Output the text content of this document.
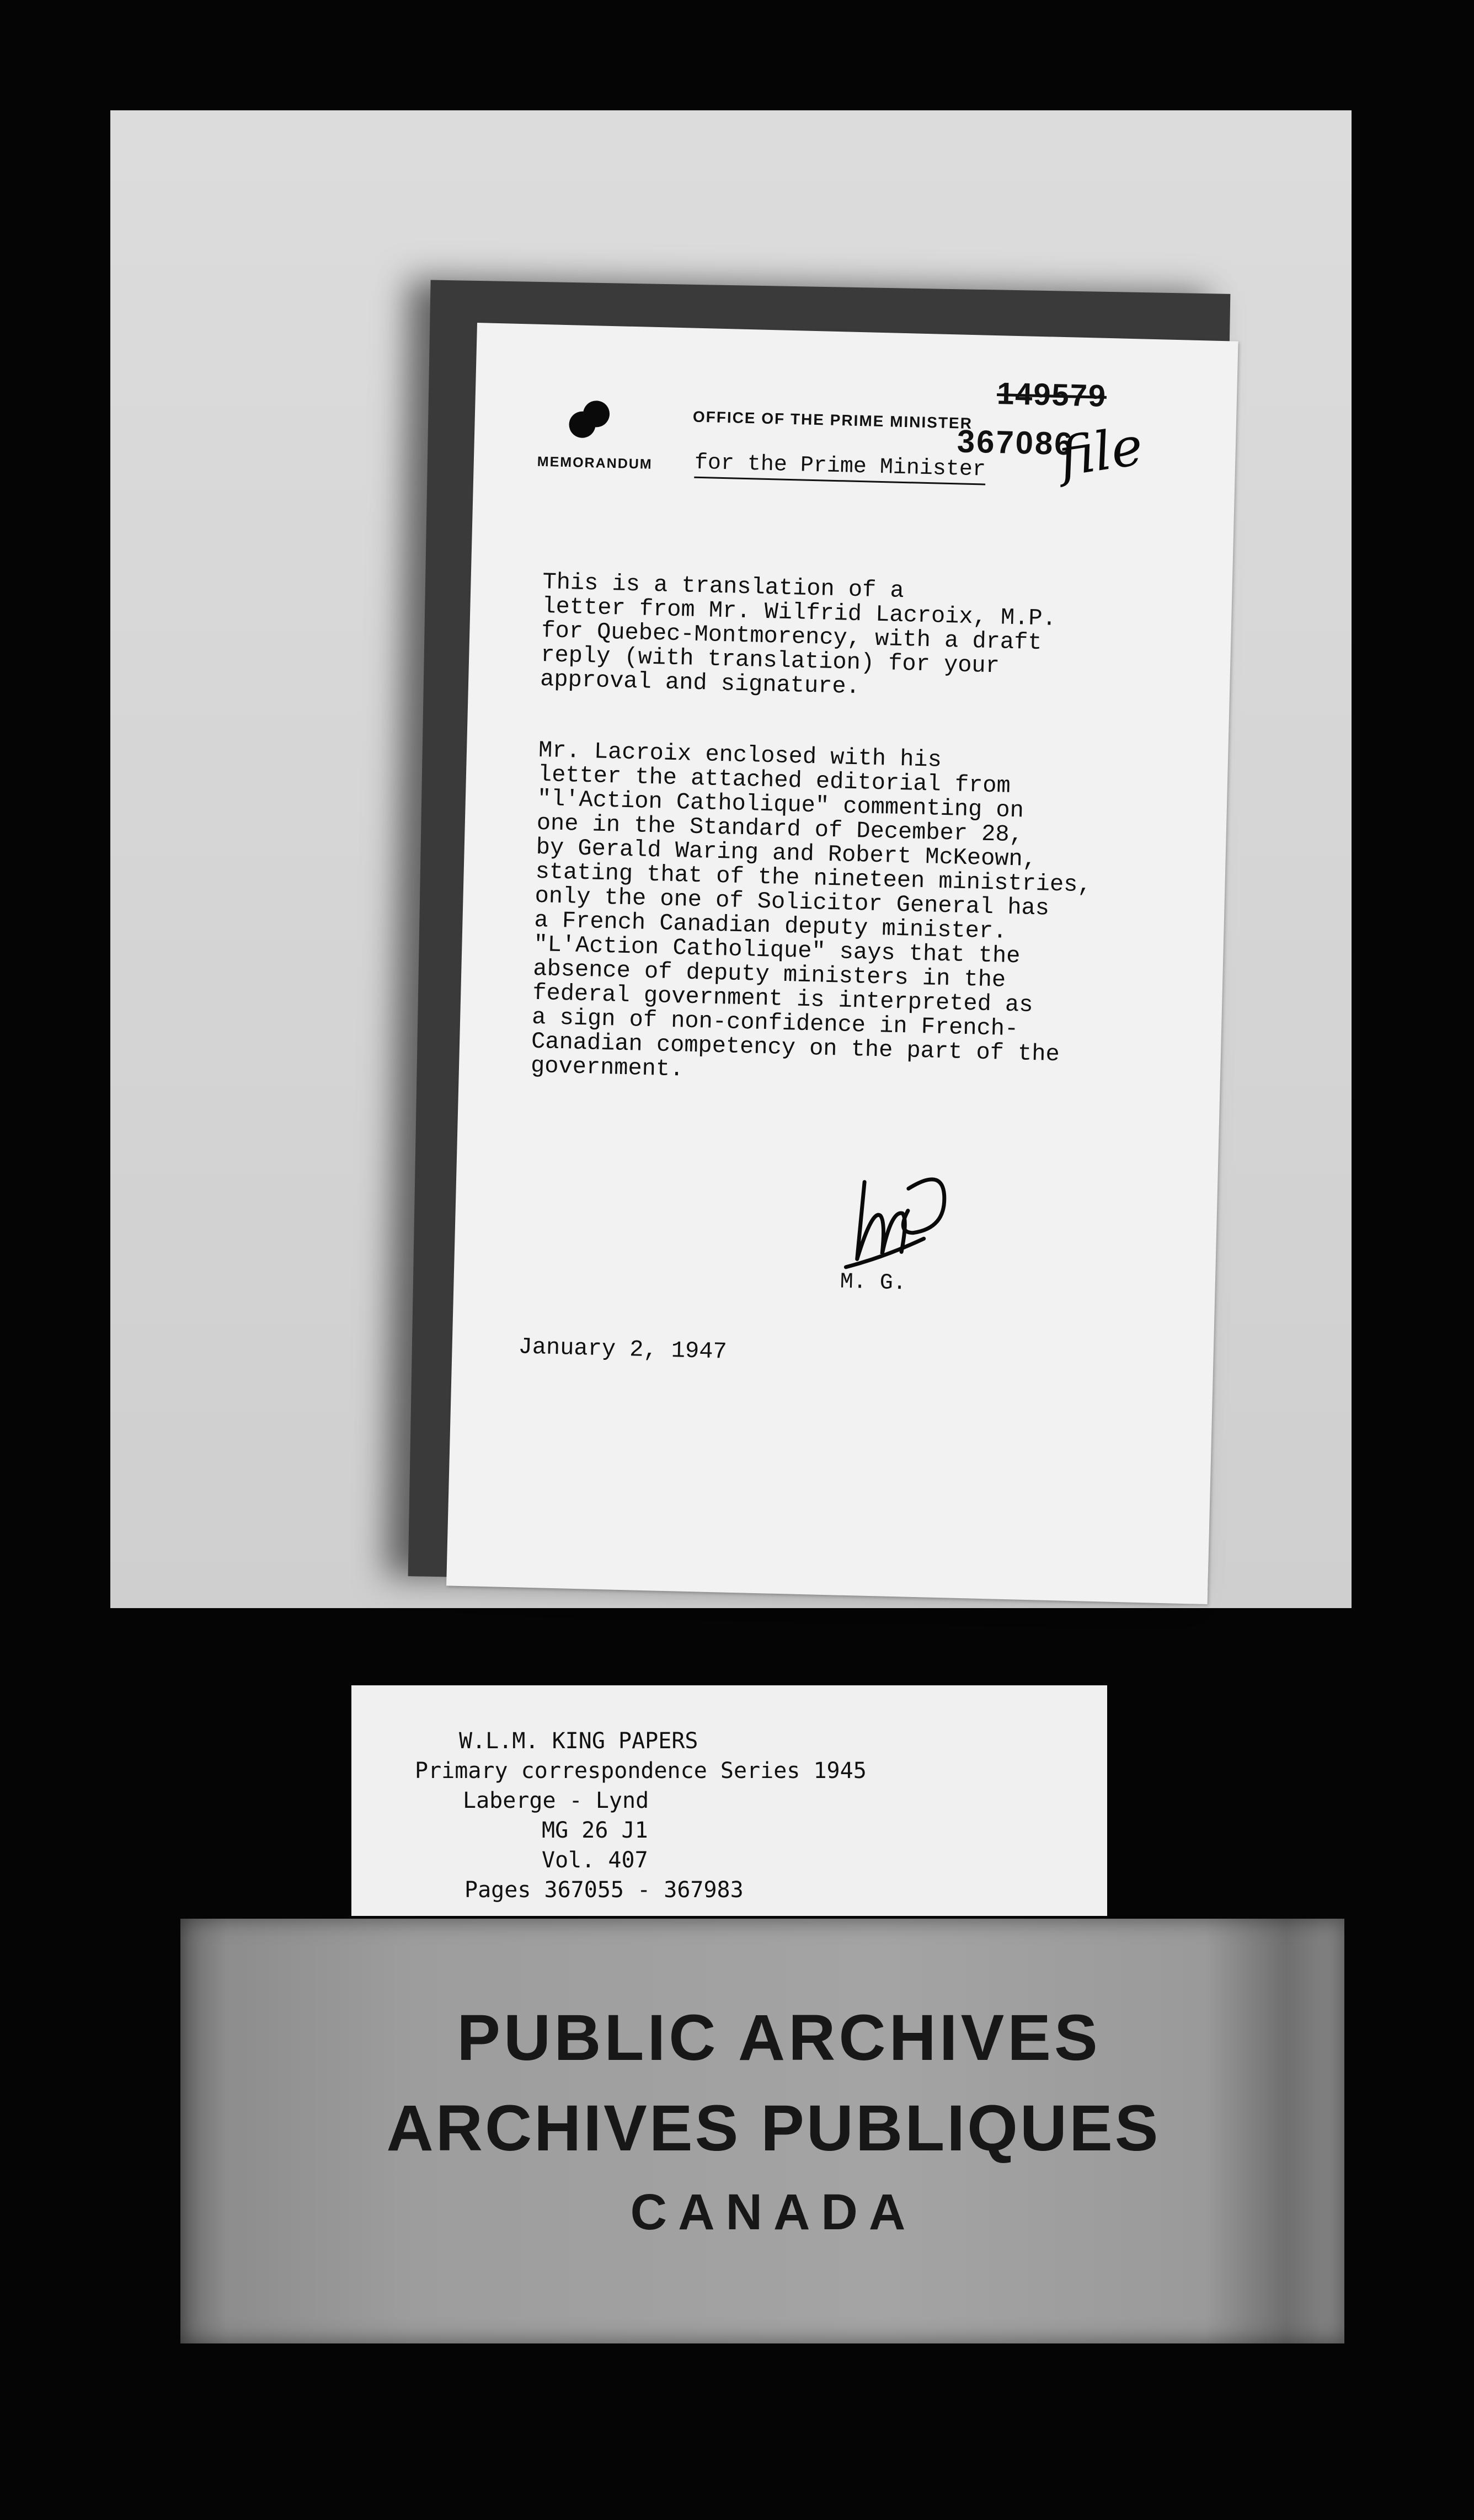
OFFICE OF THE PRIME MINISTER
MEMORANDUM
149579
367086
file
for the Prime Minister

This is a translation of a
letter from Mr. Wilfrid Lacroix, M.P.
for Quebec-Montmorency, with a draft
reply (with translation) for your
approval and signature.

Mr. Lacroix enclosed with his
letter the attached editorial from
"l'Action Catholique" commenting on
one in the Standard of December 28,
by Gerald Waring and Robert McKeown,
stating that of the nineteen ministries,
only the one of Solicitor General has
a French Canadian deputy minister.
"L'Action Catholique" says that the
absence of deputy ministers in the
federal government is interpreted as
a sign of non-confidence in French-
Canadian competency on the part of the
government.

M. G.
January 2, 1947
W.L.M. KING PAPERS
Primary correspondence Series 1945
Laberge - Lynd
MG 26 J1
Vol. 407
Pages 367055 - 367983
PUBLIC ARCHIVES
ARCHIVES PUBLIQUES
CANADA
